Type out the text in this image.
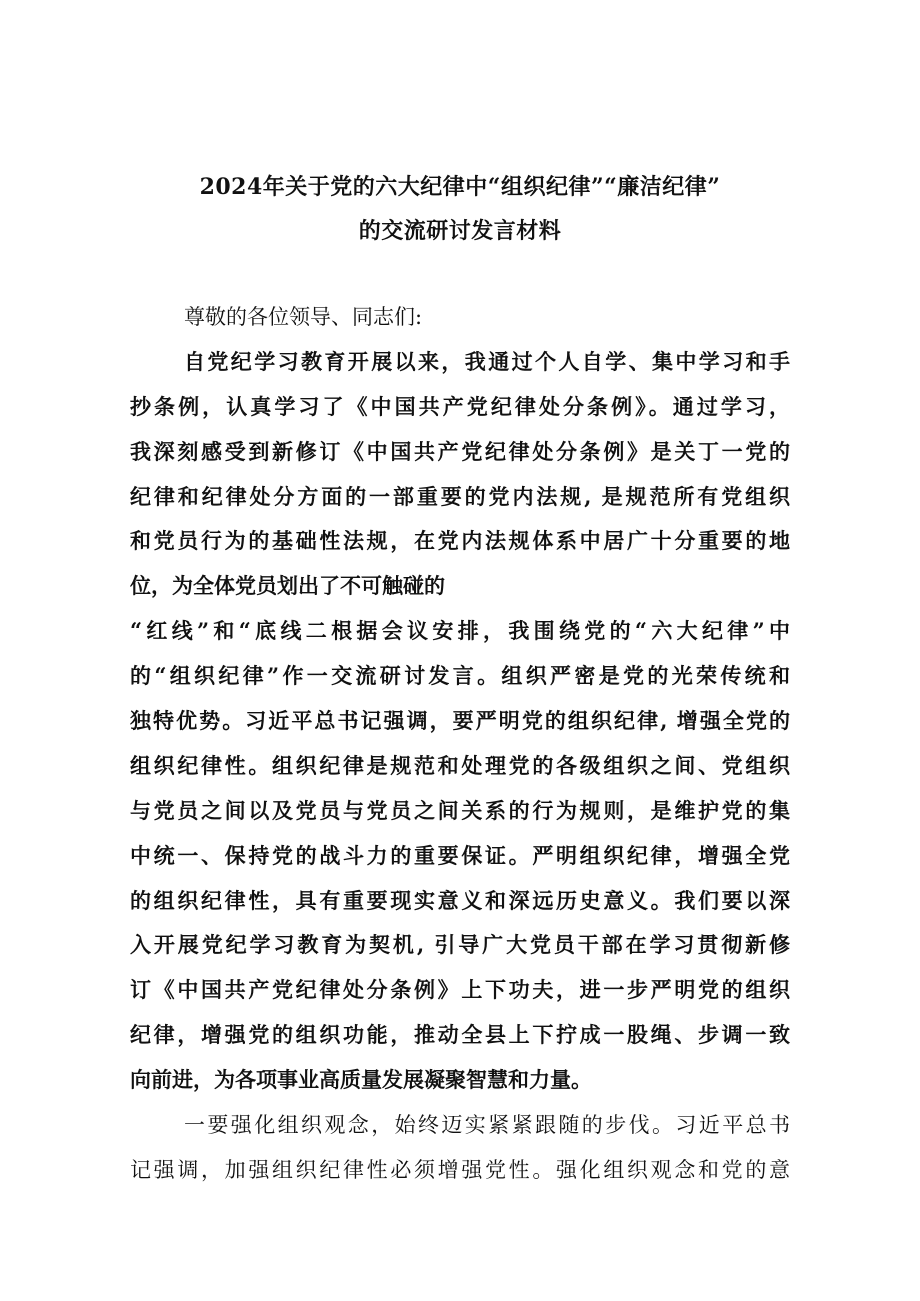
2024年关于党的六大纪律中“组织纪律”“廉洁纪律”
的交流研讨发言材料
尊敬的各位领导、同志们:
自党纪学习教育开展以来，我通过个人自学、集中学习和手
抄条例，认真学习了《中国共产党纪律处分条例》。通过学习，
我深刻感受到新修订《中国共产党纪律处分条例》是关丁一党的
纪律和纪律处分方面的一部重要的党内法规, 是规范所有党组织
和党员行为的基础性法规，在党内法规体系中居广十分重要的地
位，为全体党员划出了不可触碰的
“红线”和“底线二根据会议安排，我围绕党的“六大纪律”中
的“组织纪律”作一交流研讨发言。组织严密是党的光荣传统和
独特优势。习近平总书记强调，要严明党的组织纪律, 增强全党的
组织纪律性。组织纪律是规范和处理党的各级组织之间、党组织
与党员之间以及党员与党员之间关系的行为规则，是维护党的集
中统一、保持党的战斗力的重要保证。严明组织纪律，增强全党
的组织纪律性，具有重要现实意义和深远历史意义。我们要以深
入开展党纪学习教育为契机, 引导广大党员干部在学习贯彻新修
订《中国共产党纪律处分条例》上下功夫，进一步严明党的组织
纪律，增强党的组织功能，推动全县上下拧成一股绳、步调一致
向前进，为各项事业高质量发展凝聚智慧和力量。
一要强化组织观念，始终迈实紧紧跟随的步伐。习近平总书
记强调，加强组织纪律性必须增强党性。强化组织观念和党的意
